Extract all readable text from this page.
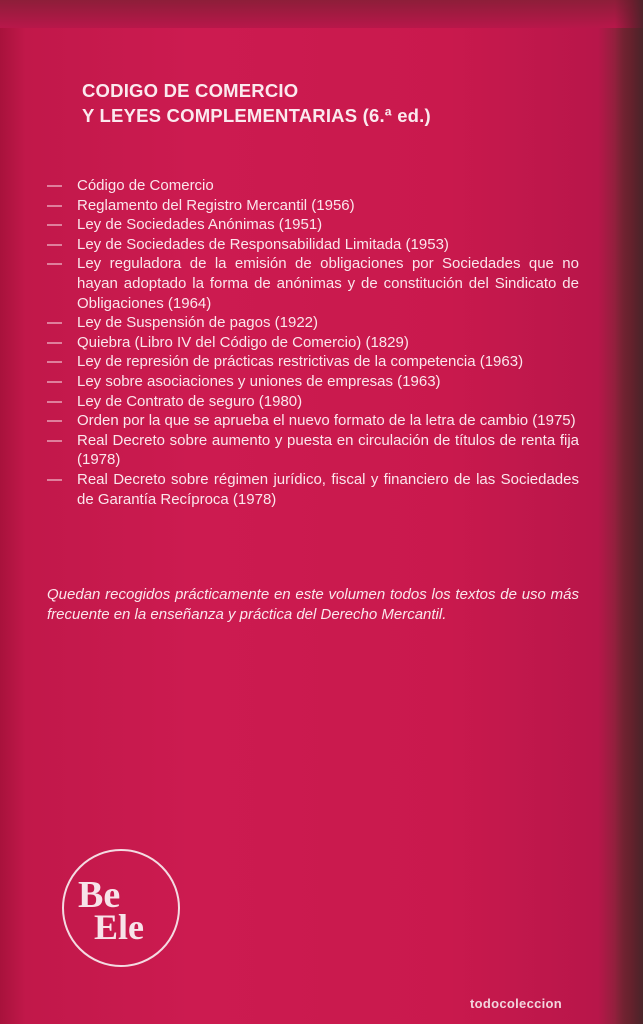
CODIGO DE COMERCIO
Y LEYES COMPLEMENTARIAS (6.ª ed.)
— Código de Comercio
— Reglamento del Registro Mercantil (1956)
— Ley de Sociedades Anónimas (1951)
— Ley de Sociedades de Responsabilidad Limitada (1953)
— Ley reguladora de la emisión de obligaciones por Sociedades que no hayan adoptado la forma de anónimas y de constitución del Sindicato de Obligaciones (1964)
— Ley de Suspensión de pagos (1922)
— Quiebra (Libro IV del Código de Comercio) (1829)
— Ley de represión de prácticas restrictivas de la competencia (1963)
— Ley sobre asociaciones y uniones de empresas (1963)
— Ley de Contrato de seguro (1980)
— Orden por la que se aprueba el nuevo formato de la letra de cambio (1975)
— Real Decreto sobre aumento y puesta en circulación de títulos de renta fija (1978)
— Real Decreto sobre régimen jurídico, fiscal y financiero de las Sociedades de Garantía Recíproca (1978)
Quedan recogidos prácticamente en este volumen todos los textos de uso más frecuente en la enseñanza y práctica del Derecho Mercantil.
Be
Ele
todocoleccion
